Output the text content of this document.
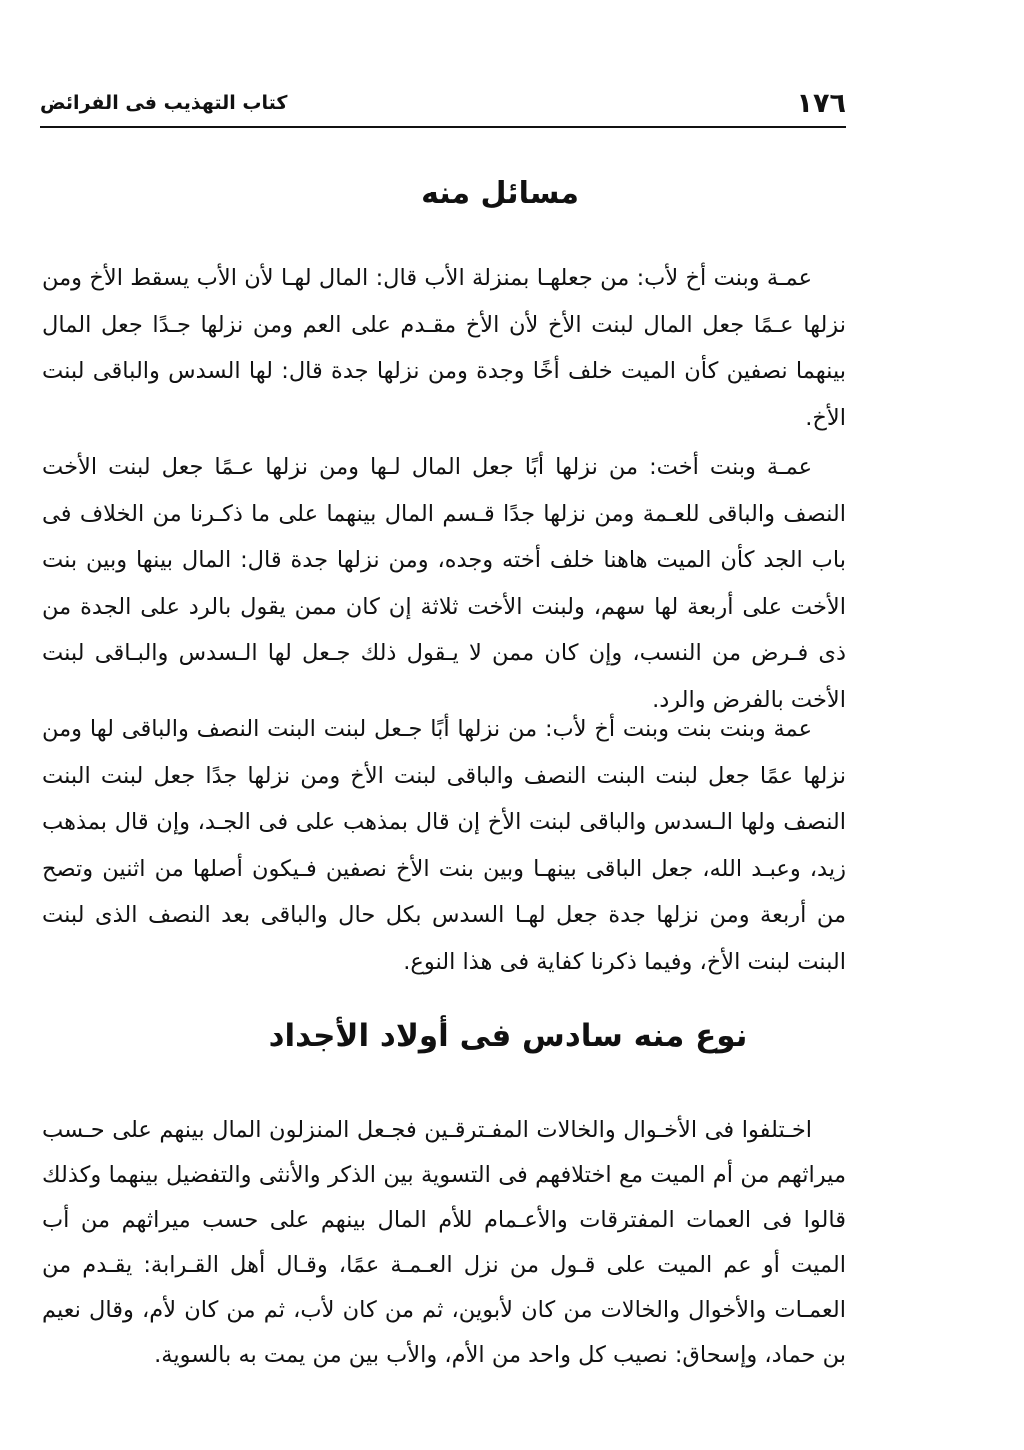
١٧٦
كتاب التهذيب فى الفرائض
مسائل منه

عمـة وبنت أخ لأب: من جعلهـا بمنزلة الأب قال: المال لهـا لأن الأب يسقط الأخ ومن نزلها عـمًا جعل المال لبنت الأخ لأن الأخ مقـدم على العم ومن نزلها جـدًا جعل المال بينهما نصفين كأن الميت خلف أخًا وجدة ومن نزلها جدة قال: لها السدس والباقى لبنت الأخ.

عمـة وبنت أخت: من نزلها أبًا جعل المال لـها ومن نزلها عـمًا جعل لبنت الأخت النصف والباقى للعـمة ومن نزلها جدًا قـسم المال بينهما على ما ذكـرنا من الخلاف فى باب الجد كأن الميت هاهنا خلف أخته وجده، ومن نزلها جدة قال: المال بينها وبين بنت الأخت على أربعة لها سهم، ولبنت الأخت ثلاثة إن كان ممن يقول بالرد على الجدة من ذى فـرض من النسب، وإن كان ممن لا يـقول ذلك جـعل لها الـسدس والبـاقى لبنت الأخت بالفرض والرد.

عمة وبنت بنت وبنت أخ لأب: من نزلها أبًا جـعل لبنت البنت النصف والباقى لها ومن نزلها عمًا جعل لبنت البنت النصف والباقى لبنت الأخ ومن نزلها جدًا جعل لبنت البنت النصف ولها الـسدس والباقى لبنت الأخ إن قال بمذهب على فى الجـد، وإن قال بمذهب زيد، وعبـد الله، جعل الباقى بينهـا وبين بنت الأخ نصفين فـيكون أصلها من اثنين وتصح من أربعة ومن نزلها جدة جعل لهـا السدس بكل حال والباقى بعد النصف الذى لبنت البنت لبنت الأخ، وفيما ذكرنا كفاية فى هذا النوع.

نوع منه سادس فى أولاد الأجداد

اخـتلفوا فى الأخـوال والخالات المفـترقـين فجـعل المنزلون المال بينهم على حـسب ميراثهم من أم الميت مع اختلافهم فى التسوية بين الذكر والأنثى والتفضيل بينهما وكذلك قالوا فى العمات المفترقات والأعـمام للأم المال بينهم على حسب ميراثهم من أب الميت أو عم الميت على قـول من نزل العـمـة عمًا، وقـال أهل القـرابة: يقـدم من العمـات والأخوال والخالات من كان لأبوين، ثم من كان لأب، ثم من كان لأم، وقال نعيم بن حماد، وإسحاق: نصيب كل واحد من الأم، والأب بين من يمت به بالسوية.
